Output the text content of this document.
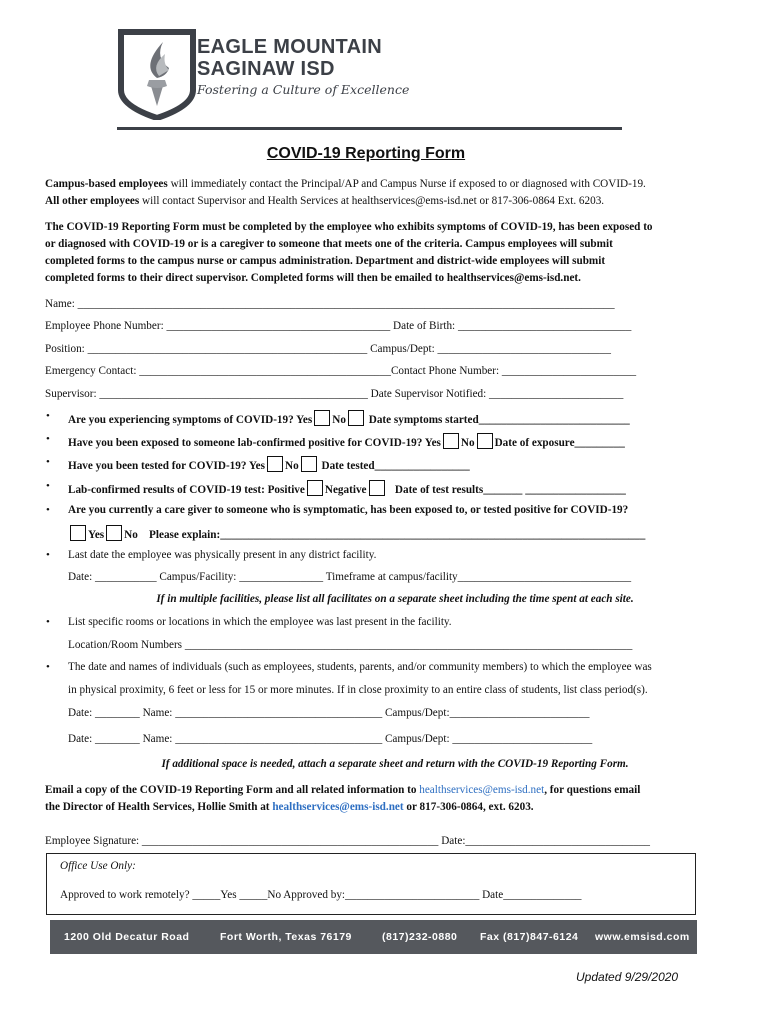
EAGLE MOUNTAIN
SAGINAW ISD
Fostering a Culture of Excellence
COVID-19 Reporting Form
Campus-based employees will immediately contact the Principal/AP and Campus Nurse if exposed to or diagnosed with COVID-19.
All other employees will contact Supervisor and Health Services at healthservices@ems-isd.net or 817-306-0864 Ext. 6203.
The COVID-19 Reporting Form must be completed by the employee who exhibits symptoms of COVID-19, has been exposed to
or diagnosed with COVID-19 or is a caregiver to someone that meets one of the criteria. Campus employees will submit
completed forms to the campus nurse or campus administration. Department and district-wide employees will submit
completed forms to their direct supervisor. Completed forms will then be emailed to healthservices@ems-isd.net.
Name: ________________________________________________________________________________________________
Employee Phone Number: ________________________________________ Date of Birth: _______________________________
Position: __________________________________________________ Campus/Dept: _______________________________
Emergency Contact: _____________________________________________Contact Phone Number: ________________________
Supervisor: ________________________________________________ Date Supervisor Notified: ________________________
• Are you experiencing symptoms of COVID-19? Yes No Date symptoms started___________________________
• Have you been exposed to someone lab-confirmed positive for COVID-19? Yes No Date of exposure_________
• Have you been tested for COVID-19? Yes No Date tested_________________
• Lab-confirmed results of COVID-19 test: Positive Negative	Date of test results_______ __________________
• Are you currently a care giver to someone who is symptomatic, has been exposed to, or tested positive for COVID-19?
Yes No Please explain:____________________________________________________________________________
• Last date the employee was physically present in any district facility.
Date: ___________ Campus/Facility: _______________ Timeframe at campus/facility_______________________________
If in multiple facilities, please list all facilitates on a separate sheet including the time spent at each site.
• List specific rooms or locations in which the employee was last present in the facility.
Location/Room Numbers ________________________________________________________________________________
• The date and names of individuals (such as employees, students, parents, and/or community members) to which the employee was
in physical proximity, 6 feet or less for 15 or more minutes. If in close proximity to an entire class of students, list class period(s).
Date: ________ Name: _____________________________________ Campus/Dept:_________________________
Date: ________ Name: _____________________________________ Campus/Dept: _________________________
If additional space is needed, attach a separate sheet and return with the COVID-19 Reporting Form.
Email a copy of the COVID-19 Reporting Form and all related information to healthservices@ems-isd.net, for questions email
the Director of Health Services, Hollie Smith at healthservices@ems-isd.net or 817-306-0864, ext. 6203.
Employee Signature: _____________________________________________________ Date:_________________________________
Office Use Only:
Approved to work remotely? _____Yes _____No Approved by:________________________ Date______________
1200 Old Decatur Road	Fort Worth, Texas 76179	(817)232-0880 Fax (817)847-6124 www.emsisd.com
Updated 9/29/2020
